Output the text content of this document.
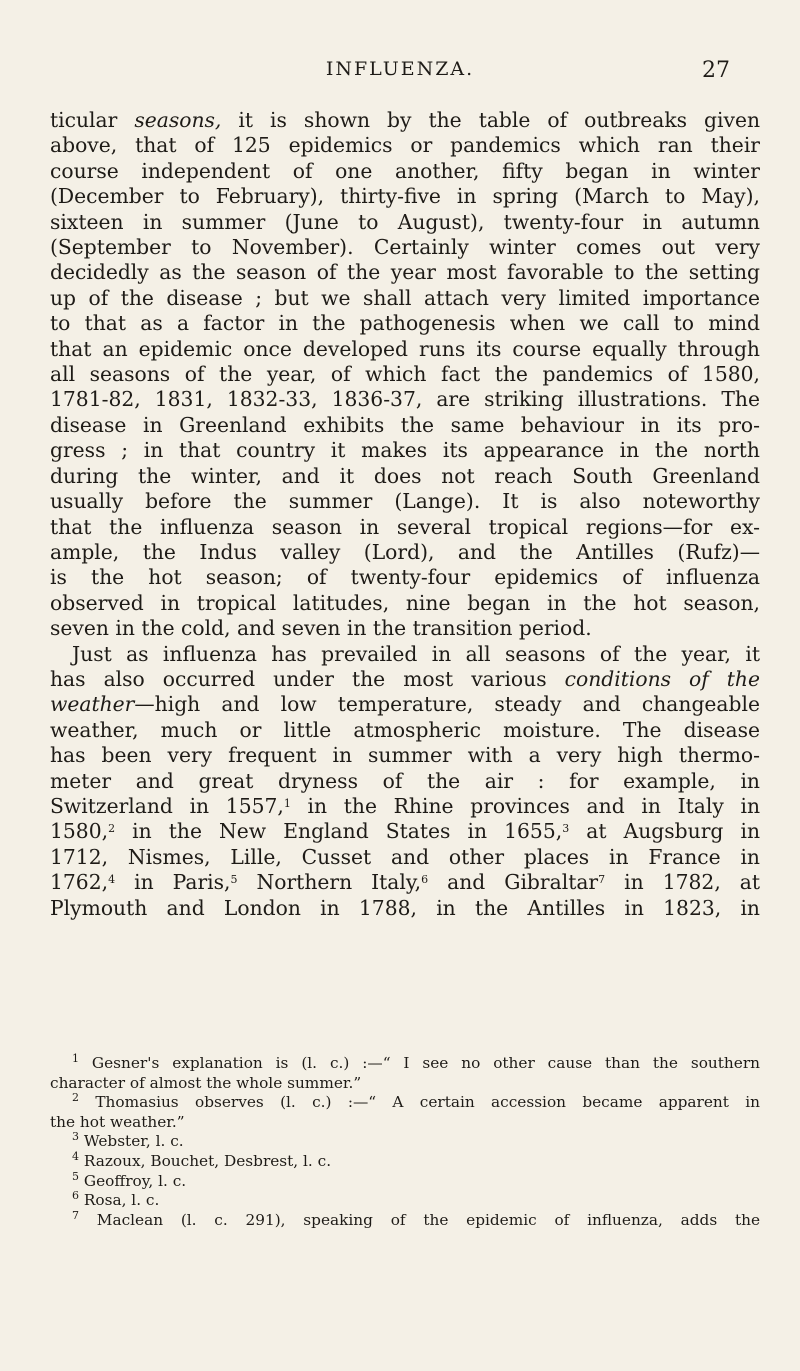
INFLUENZA.	27
ticular seasons, it is shown by the table of outbreaks given
above, that of 125 epidemics or pandemics which ran their
course independent of one another, fifty began in winter
(December to February), thirty-five in spring (March to May),
sixteen in summer (June to August), twenty-four in autumn
(September to November). Certainly winter comes out very
decidedly as the season of the year most favorable to the setting
up of the disease ; but we shall attach very limited importance
to that as a factor in the pathogenesis when we call to mind
that an epidemic once developed runs its course equally through
all seasons of the year, of which fact the pandemics of 1580,
1781-82, 1831, 1832-33, 1836-37, are striking illustrations. The
disease in Greenland exhibits the same behaviour in its pro-
gress ; in that country it makes its appearance in the north
during the winter, and it does not reach South Greenland
usually before the summer (Lange). It is also noteworthy
that the influenza season in several tropical regions—for ex-
ample, the Indus valley (Lord), and the Antilles (Rufz)—
is the hot season; of twenty-four epidemics of influenza
observed in tropical latitudes, nine began in the hot season,
seven in the cold, and seven in the transition period.
Just as influenza has prevailed in all seasons of the year, it
has also occurred under the most various conditions of the
weather—high and low temperature, steady and changeable
weather, much or little atmospheric moisture. The disease
has been very frequent in summer with a very high thermo-
meter and great dryness of the air : for example, in
Switzerland in 1557,$^1$ in the Rhine provinces and in Italy in
1580,$^2$ in the New England States in 1655,$^3$ at Augsburg in
1712, Nismes, Lille, Cusset and other places in France in
1762,$^4$ in Paris,$^5$ Northern Italy,$^6$ and Gibraltar$^7$ in 1782, at
Plymouth and London in 1788, in the Antilles in 1823, in
$^1$ Gesner's explanation is (l. c.) :—“ I see no other cause than the southern
character of almost the whole summer.”
$^2$ Thomasius observes (l. c.) :—“ A certain accession became apparent in
the hot weather.”
$^3$ Webster, l. c.
$^4$ Razoux, Bouchet, Desbrest, l. c.
$^5$ Geoffroy, l. c.
$^6$ Rosa, l. c.
$^7$ Maclean (l. c. 291), speaking of the epidemic of influenza, adds the
